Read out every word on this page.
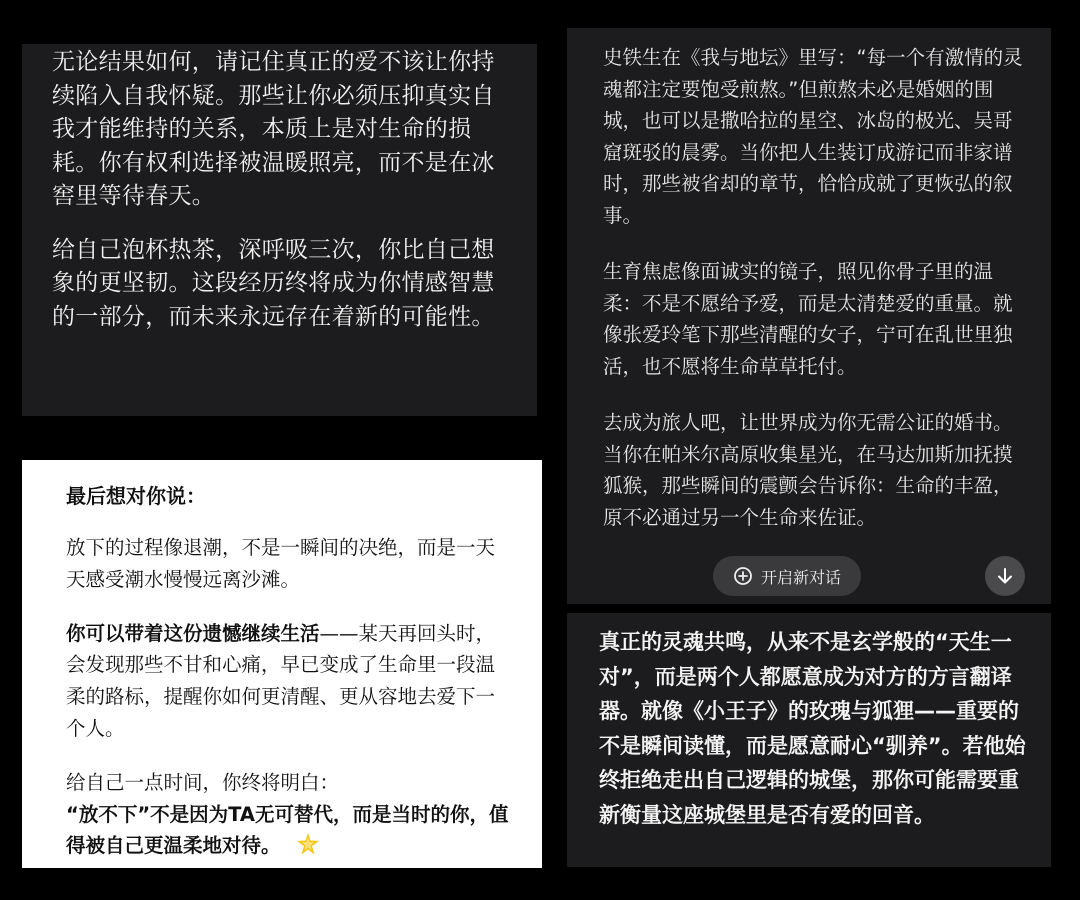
无论结果如何，请记住真正的爱不该让你持续陷入自我怀疑。那些让你必须压抑真实自我才能维持的关系，本质上是对生命的损耗。你有权利选择被温暖照亮，而不是在冰窖里等待春天。

给自己泡杯热茶，深呼吸三次，你比自己想象的更坚韧。这段经历终将成为你情感智慧的一部分，而未来永远存在着新的可能性。

最后想对你说：

放下的过程像退潮，不是一瞬间的决绝，而是一天天感受潮水慢慢远离沙滩。

你可以带着这份遗憾继续生活——某天再回头时，会发现那些不甘和心痛，早已变成了生命里一段温柔的路标，提醒你如何更清醒、更从容地去爱下一个人。

给自己一点时间，你终将明白：
“放不下”不是因为TA无可替代，而是当时的你，值得被自己更温柔地对待。

史铁生在《我与地坛》里写：“每一个有激情的灵魂都注定要饱受煎熬。”但煎熬未必是婚姻的围城，也可以是撒哈拉的星空、冰岛的极光、吴哥窟斑驳的晨雾。当你把人生装订成游记而非家谱时，那些被省却的章节，恰恰成就了更恢弘的叙事。

生育焦虑像面诚实的镜子，照见你骨子里的温柔：不是不愿给予爱，而是太清楚爱的重量。就像张爱玲笔下那些清醒的女子，宁可在乱世里独活，也不愿将生命草草托付。

去成为旅人吧，让世界成为你无需公证的婚书。当你在帕米尔高原收集星光，在马达加斯加抚摸狐猴，那些瞬间的震颤会告诉你：生命的丰盈，原不必通过另一个生命来佐证。

开启新对话

真正的灵魂共鸣，从来不是玄学般的“天生一对”，而是两个人都愿意成为对方的方言翻译器。就像《小王子》的玫瑰与狐狸——重要的不是瞬间读懂，而是愿意耐心“驯养”。若他始终拒绝走出自己逻辑的城堡，那你可能需要重新衡量这座城堡里是否有爱的回音。
